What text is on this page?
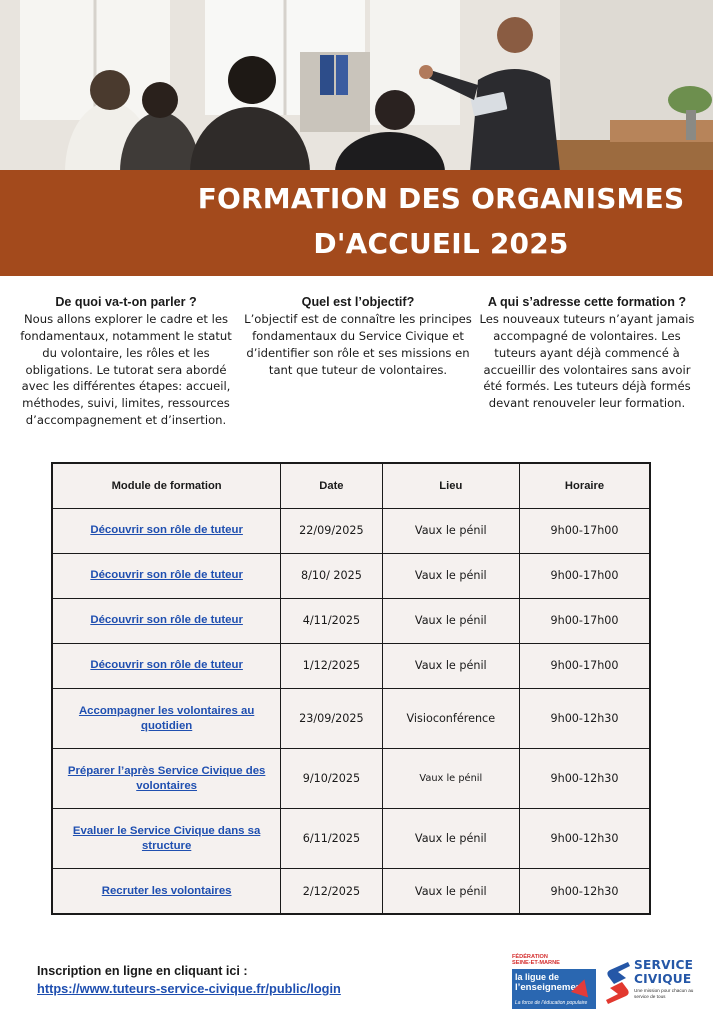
FORMATION DES ORGANISMES
D'ACCUEIL 2025
De quoi va-t-on parler ?

Nous allons explorer le cadre et les fondamentaux, notamment le statut du volontaire, les rôles et les obligations. Le tutorat sera abordé avec les différentes étapes: accueil, méthodes, suivi, limites, ressources d’accompagnement et d’insertion.

Quel est l’objectif?

L’objectif est de connaître les principes fondamentaux du Service Civique et d’identifier son rôle et ses missions en tant que tuteur de volontaires.

A qui s’adresse cette formation ?

Les nouveaux tuteurs n’ayant jamais accompagné de volontaires. Les tuteurs ayant déjà commencé à accueillir des volontaires sans avoir été formés. Les tuteurs déjà formés devant renouveler leur formation.

Module de formation	Date	Lieu	Horaire
Découvrir son rôle de tuteur	22/09/2025	Vaux le pénil	9h00-17h00
Découvrir son rôle de tuteur	8/10/ 2025	Vaux le pénil	9h00-17h00
Découvrir son rôle de tuteur	4/11/2025	Vaux le pénil	9h00-17h00
Découvrir son rôle de tuteur	1/12/2025	Vaux le pénil	9h00-17h00
Accompagner les volontaires au quotidien	23/09/2025	Visioconférence	9h00-12h30
Préparer l’après Service Civique des volontaires	9/10/2025	Vaux le pénil	9h00-12h30
Evaluer le Service Civique dans sa structure	6/11/2025	Vaux le pénil	9h00-12h30
Recruter les volontaires	2/12/2025	Vaux le pénil	9h00-12h30
Inscription en ligne en cliquant ici :
https://www.tuteurs-service-civique.fr/public/login
FÉDÉRATION
SEINE-ET-MARNE
la ligue de
l’enseignement
La force de l’éducation populaire
SERVICE
CIVIQUE
Une mission pour chacun au service de tous
